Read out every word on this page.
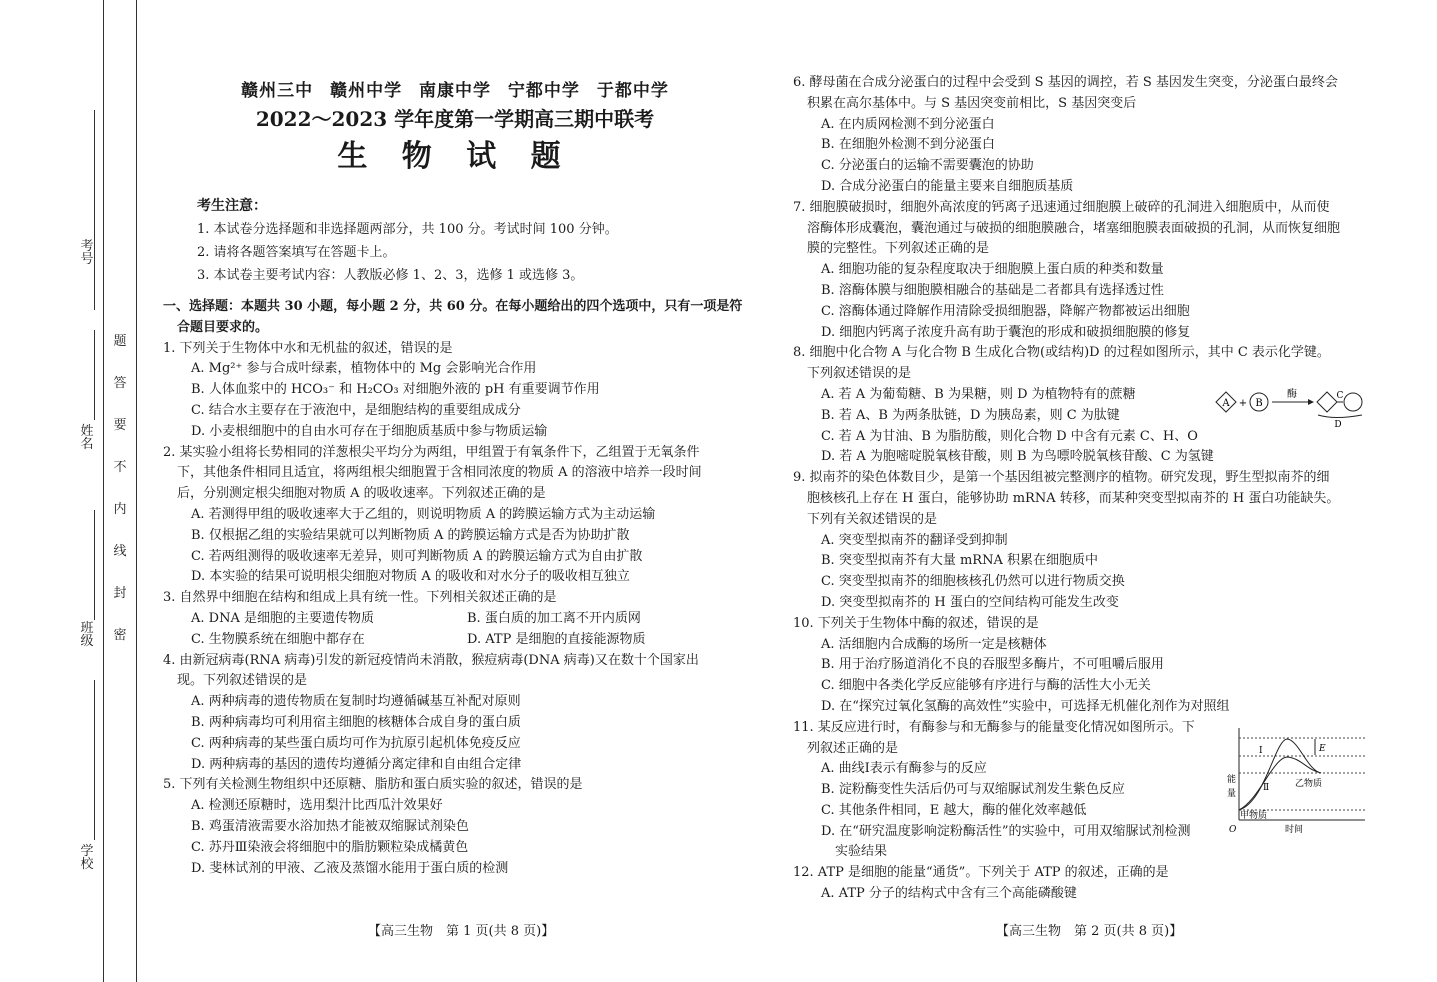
考号
姓名
班级
学校
题
答
要
不
内
线
封
密
赣州三中 赣州中学 南康中学 宁都中学 于都中学
2022～2023 学年度第一学期高三期中联考
生 物 试 题
考生注意：
1. 本试卷分选择题和非选择题两部分，共 100 分。考试时间 100 分钟。
2. 请将各题答案填写在答题卡上。
3. 本试卷主要考试内容：人教版必修 1、2、3，选修 1 或选修 3。

一、选择题：本题共 30 小题，每小题 2 分，共 60 分。在每小题给出的四个选项中，只有一项是符

合题目要求的。

1. 下列关于生物体中水和无机盐的叙述，错误的是

A. Mg²⁺ 参与合成叶绿素，植物体中的 Mg 会影响光合作用

B. 人体血浆中的 HCO₃⁻ 和 H₂CO₃ 对细胞外液的 pH 有重要调节作用

C. 结合水主要存在于液泡中，是细胞结构的重要组成成分

D. 小麦根细胞中的自由水可存在于细胞质基质中参与物质运输

2. 某实验小组将长势相同的洋葱根尖平均分为两组，甲组置于有氧条件下，乙组置于无氧条件

下，其他条件相同且适宜，将两组根尖细胞置于含相同浓度的物质 A 的溶液中培养一段时间

后，分别测定根尖细胞对物质 A 的吸收速率。下列叙述正确的是

A. 若测得甲组的吸收速率大于乙组的，则说明物质 A 的跨膜运输方式为主动运输

B. 仅根据乙组的实验结果就可以判断物质 A 的跨膜运输方式是否为协助扩散

C. 若两组测得的吸收速率无差异，则可判断物质 A 的跨膜运输方式为自由扩散

D. 本实验的结果可说明根尖细胞对物质 A 的吸收和对水分子的吸收相互独立

3. 自然界中细胞在结构和组成上具有统一性。下列相关叙述正确的是

A. DNA 是细胞的主要遗传物质	B. 蛋白质的加工离不开内质网

C. 生物膜系统在细胞中都存在	D. ATP 是细胞的直接能源物质

4. 由新冠病毒(RNA 病毒)引发的新冠疫情尚未消散，猴痘病毒(DNA 病毒)又在数十个国家出

现。下列叙述错误的是

A. 两种病毒的遗传物质在复制时均遵循碱基互补配对原则

B. 两种病毒均可利用宿主细胞的核糖体合成自身的蛋白质

C. 两种病毒的某些蛋白质均可作为抗原引起机体免疫反应

D. 两种病毒的基因的遗传均遵循分离定律和自由组合定律

5. 下列有关检测生物组织中还原糖、脂肪和蛋白质实验的叙述，错误的是

A. 检测还原糖时，选用梨汁比西瓜汁效果好

B. 鸡蛋清液需要水浴加热才能被双缩脲试剂染色

C. 苏丹Ⅲ染液会将细胞中的脂肪颗粒染成橘黄色

D. 斐林试剂的甲液、乙液及蒸馏水能用于蛋白质的检测

6. 酵母菌在合成分泌蛋白的过程中会受到 S 基因的调控，若 S 基因发生突变，分泌蛋白最终会

积累在高尔基体中。与 S 基因突变前相比，S 基因突变后

A. 在内质网检测不到分泌蛋白

B. 在细胞外检测不到分泌蛋白

C. 分泌蛋白的运输不需要囊泡的协助

D. 合成分泌蛋白的能量主要来自细胞质基质

7. 细胞膜破损时，细胞外高浓度的钙离子迅速通过细胞膜上破碎的孔洞进入细胞质中，从而使

溶酶体形成囊泡，囊泡通过与破损的细胞膜融合，堵塞细胞膜表面破损的孔洞，从而恢复细胞

膜的完整性。下列叙述正确的是

A. 细胞功能的复杂程度取决于细胞膜上蛋白质的种类和数量

B. 溶酶体膜与细胞膜相融合的基础是二者都具有选择透过性

C. 溶酶体通过降解作用清除受损细胞器，降解产物都被运出细胞

D. 细胞内钙离子浓度升高有助于囊泡的形成和破损细胞膜的修复

8. 细胞中化合物 A 与化合物 B 生成化合物(或结构)D 的过程如图所示，其中 C 表示化学键。

下列叙述错误的是

A. 若 A 为葡萄糖、B 为果糖，则 D 为植物特有的蔗糖

B. 若 A、B 为两条肽链，D 为胰岛素，则 C 为肽键

C. 若 A 为甘油、B 为脂肪酸，则化合物 D 中含有元素 C、H、O

D. 若 A 为胞嘧啶脱氧核苷酸，则 B 为鸟嘌呤脱氧核苷酸、C 为氢键

9. 拟南芥的染色体数目少，是第一个基因组被完整测序的植物。研究发现，野生型拟南芥的细

胞核核孔上存在 H 蛋白，能够协助 mRNA 转移，而某种突变型拟南芥的 H 蛋白功能缺失。

下列有关叙述错误的是

A. 突变型拟南芥的翻译受到抑制

B. 突变型拟南芥有大量 mRNA 积累在细胞质中

C. 突变型拟南芥的细胞核核孔仍然可以进行物质交换

D. 突变型拟南芥的 H 蛋白的空间结构可能发生改变

10. 下列关于生物体中酶的叙述，错误的是

A. 活细胞内合成酶的场所一定是核糖体

B. 用于治疗肠道消化不良的吞服型多酶片，不可咀嚼后服用

C. 细胞中各类化学反应能够有序进行与酶的活性大小无关

D. 在“探究过氧化氢酶的高效性”实验中，可选择无机催化剂作为对照组

11. 某反应进行时，有酶参与和无酶参与的能量变化情况如图所示。下

列叙述正确的是

A. 曲线Ⅰ表示有酶参与的反应

B. 淀粉酶变性失活后仍可与双缩脲试剂发生紫色反应

C. 其他条件相同，E 越大，酶的催化效率越低

D. 在“研究温度影响淀粉酶活性”的实验中，可用双缩脲试剂检测

实验结果

12. ATP 是细胞的能量“通货”。下列关于 ATP 的叙述，正确的是

A. ATP 分子的结构式中含有三个高能磷酸键

A + B
酶	C
D
Ⅰ
Ⅱ
E
乙物质
甲物质
能
量
时间
O
【高三生物　第 1 页(共 8 页)】	【高三生物　第 2 页(共 8 页)】
